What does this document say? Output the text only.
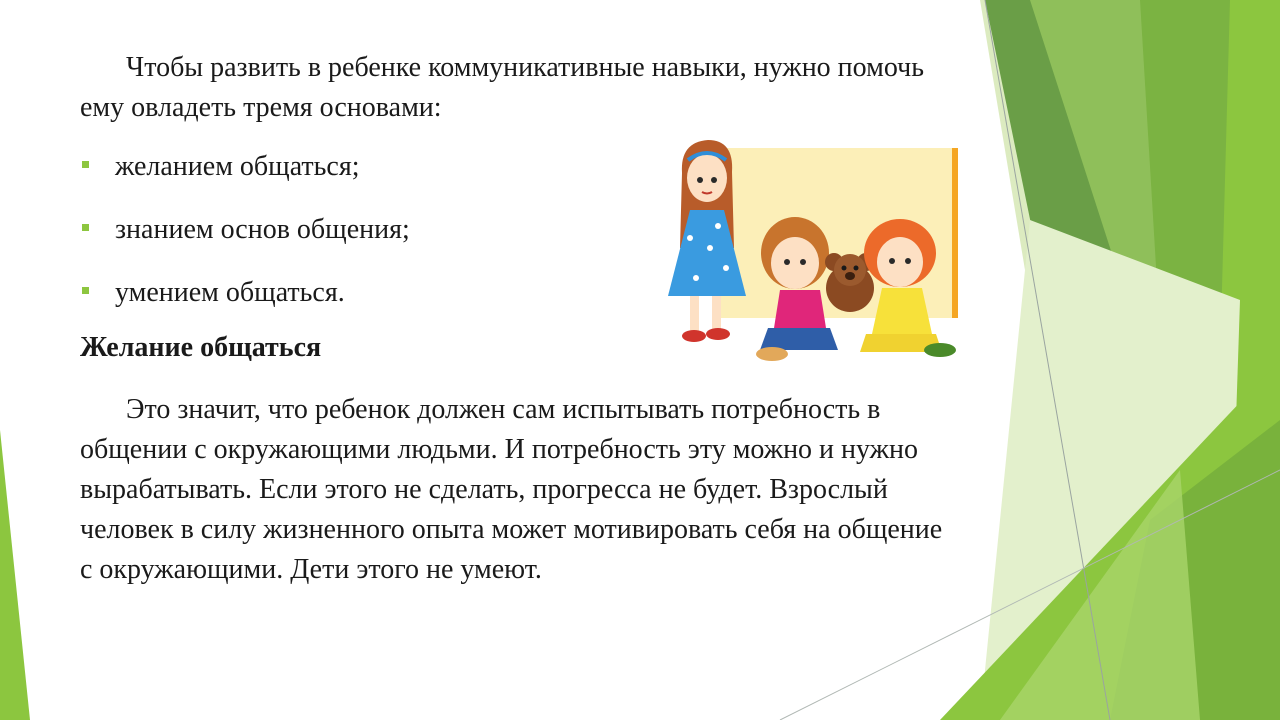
Чтобы развить в ребенке коммуникативные навыки, нужно помочь ему овладеть тремя основами:
желанием общаться;
знанием основ общения;
умением общаться.
Желание общаться
Это значит, что ребенок должен сам испытывать потребность в общении с окружающими людьми. И потребность эту можно и нужно вырабатывать. Если этого не сделать, прогресса не будет. Взрослый человек в силу жизненного опыта может мотивировать себя на общение с окружающими. Дети этого не умеют.
